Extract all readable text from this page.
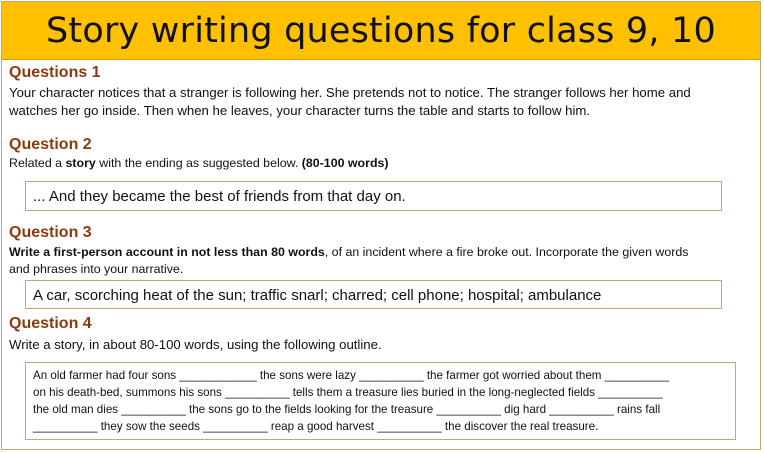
Story writing questions for class 9, 10
Questions 1
Your character notices that a stranger is following her. She pretends not to notice. The stranger follows her home and
watches her go inside. Then when he leaves, your character turns the table and starts to follow him.
Question 2
Related a story with the ending as suggested below. (80-100 words)
... And they became the best of friends from that day on.
Question 3
Write a first-person account in not less than 80 words, of an incident where a fire broke out. Incorporate the given words
and phrases into your narrative.
A car, scorching heat of the sun; traffic snarl; charred; cell phone; hospital; ambulance
Question 4
Write a story, in about 80-100 words, using the following outline.
An old farmer had four sons ____________ the sons were lazy __________ the farmer got worried about them __________
on his death-bed, summons his sons __________ tells them a treasure lies buried in the long-neglected fields __________
the old man dies __________ the sons go to the fields looking for the treasure __________ dig hard __________ rains fall
__________ they sow the seeds __________ reap a good harvest __________ the discover the real treasure.
